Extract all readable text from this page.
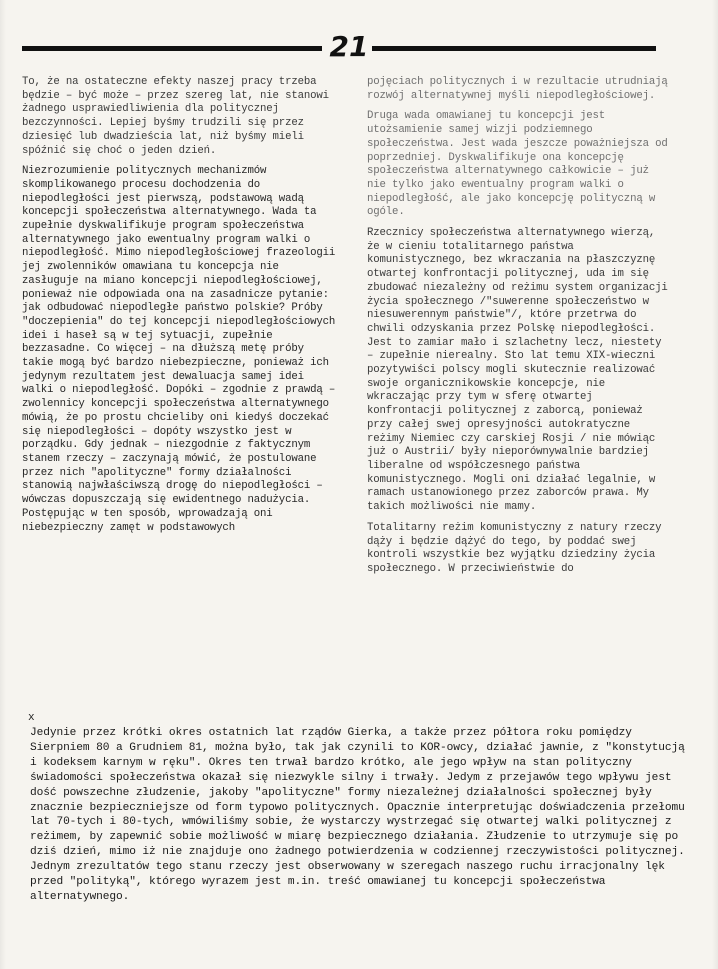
21

To, że na ostateczne efekty naszej pracy trzeba będzie – być może – przez szereg lat, nie stanowi żadnego usprawiedliwienia dla politycznej bezczynności. Lepiej byśmy trudzili się przez dziesięć lub dwadzieścia lat, niż byśmy mieli spóźnić się choć o jeden dzień.

Niezrozumienie politycznych mechanizmów skomplikowanego procesu dochodzenia do niepodległości jest pierwszą, podstawową wadą koncepcji społeczeństwa alternatywnego. Wada ta zupełnie dyskwalifikuje program społeczeństwa alternatywnego jako ewentualny program walki o niepodległość. Mimo niepodległościowej frazeologii jej zwolenników omawiana tu koncepcja nie zasługuje na miano koncepcji niepodległościowej, ponieważ nie odpowiada ona na zasadnicze pytanie: jak odbudować niepodległe państwo polskie? Próby "doczepienia" do tej koncepcji niepodległościowych idei i haseł są w tej sytuacji, zupełnie bezzasadne. Co więcej – na dłuższą metę próby takie mogą być bardzo niebezpieczne, ponieważ ich jedynym rezultatem jest dewaluacja samej idei walki o niepodległość. Dopóki – zgodnie z prawdą – zwolennicy koncepcji społeczeństwa alternatywnego mówią, że po prostu chcieliby oni kiedyś doczekać się niepodległości – dopóty wszystko jest w porządku. Gdy jednak – niezgodnie z faktycznym stanem rzeczy – zaczynają mówić, że postulowane przez nich "apolityczne" formy działalności stanowią najwłaściwszą drogę do niepodległości – wówczas dopuszczają się ewidentnego nadużycia. Postępując w ten sposób, wprowadzają oni niebezpieczny zamęt w podstawowych

pojęciach politycznych i w rezultacie utrudniają rozwój alternatywnej myśli niepodległościowej.

Druga wada omawianej tu koncepcji jest utożsamienie samej wizji podziemnego społeczeństwa. Jest wada jeszcze poważniejsza od poprzedniej. Dyskwalifikuje ona koncepcję społeczeństwa alternatywnego całkowicie – już nie tylko jako ewentualny program walki o niepodległość, ale jako koncepcję polityczną w ogóle.

Rzecznicy społeczeństwa alternatywnego wierzą, że w cieniu totalitarnego państwa komunistycznego, bez wkraczania na płaszczyznę otwartej konfrontacji politycznej, uda im się zbudować niezależny od reżimu system organizacji życia społecznego /"suwerenne społeczeństwo w niesuwerennym państwie"/, które przetrwa do chwili odzyskania przez Polskę niepodległości. Jest to zamiar mało i szlachetny lecz, niestety – zupełnie nierealny. Sto lat temu XIX-wieczni pozytywiści polscy mogli skutecznie realizować swoje organicznikowskie koncepcje, nie wkraczając przy tym w sferę otwartej konfrontacji politycznej z zaborcą, ponieważ przy całej swej opresyjności autokratyczne reżimy Niemiec czy carskiej Rosji / nie mówiąc już o Austrii/ były nieporównywalnie bardziej liberalne od współczesnego państwa komunistycznego. Mogli oni działać legalnie, w ramach ustanowionego przez zaborców prawa. My takich możliwości nie mamy.

Totalitarny reżim komunistyczny z natury rzeczy dąży i będzie dążyć do tego, by poddać swej kontroli wszystkie bez wyjątku dziedziny życia społecznego. W przeciwieństwie do

x

Jedynie przez krótki okres ostatnich lat rządów Gierka, a także przez półtora roku pomiędzy Sierpniem 80 a Grudniem 81, można było, tak jak czynili to KOR-owcy, działać jawnie, z "konstytucją i kodeksem karnym w ręku". Okres ten trwał bardzo krótko, ale jego wpływ na stan polityczny świadomości społeczeństwa okazał się niezwykle silny i trwały. Jedym z przejawów tego wpływu jest dość powszechne złudzenie, jakoby "apolityczne" formy niezależnej działalności społecznej były znacznie bezpieczniejsze od form typowo politycznych. Opacznie interpretując doświadczenia przełomu lat 70-tych i 80-tych, wmówiliśmy sobie, że wystarczy wystrzegać się otwartej walki politycznej z reżimem, by zapewnić sobie możliwość w miarę bezpiecznego działania. Złudzenie to utrzymuje się po dziś dzień, mimo iż nie znajduje ono żadnego potwierdzenia w codziennej rzeczywistości politycznej. Jednym zrezultatów tego stanu rzeczy jest obserwowany w szeregach naszego ruchu irracjonalny lęk przed "polityką", którego wyrazem jest m.in. treść omawianej tu koncepcji społeczeństwa alternatywnego.
